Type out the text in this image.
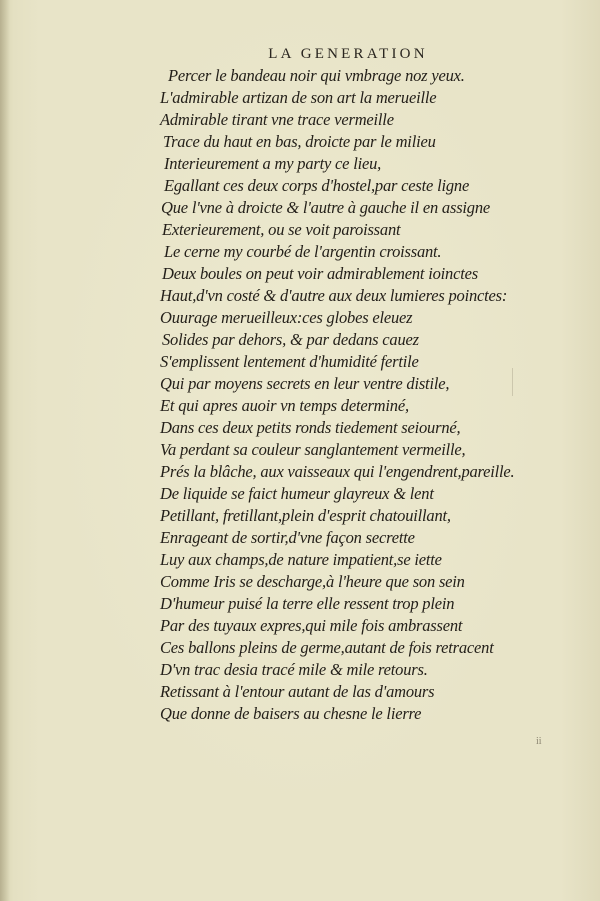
LA GENERATION
Percer le bandeau noir qui vmbrage noz yeux.
L'admirable artizan de son art la merueille
Admirable tirant vne trace vermeille
Trace du haut en bas, droicte par le milieu
Interieurement a my party ce lieu,
Egallant ces deux corps d'hostel,par ceste ligne
Que l'vne à droicte & l'autre à gauche il en assigne
Exterieurement, ou se voit paroissant
Le cerne my courbé de l'argentin croissant.
Deux boules on peut voir admirablement ioinctes
Haut,d'vn costé & d'autre aux deux lumieres poinctes:
Ouurage merueilleux:ces globes eleuez
Solides par dehors, & par dedans cauez
S'emplissent lentement d'humidité fertile
Qui par moyens secrets en leur ventre distile,
Et qui apres auoir vn temps determiné,
Dans ces deux petits ronds tiedement seiourné,
Va perdant sa couleur sanglantement vermeille,
Prés la blâche, aux vaisseaux qui l'engendrent,pareille.
De liquide se faict humeur glayreux & lent
Petillant, fretillant,plein d'esprit chatouillant,
Enrageant de sortir,d'vne façon secrette
Luy aux champs,de nature impatient,se iette
Comme Iris se descharge,à l'heure que son sein
D'humeur puisé la terre elle ressent trop plein
Par des tuyaux expres,qui mile fois ambrassent
Ces ballons pleins de germe,autant de fois retracent
D'vn trac desia tracé mile & mile retours.
Retissant à l'entour autant de las d'amours
Que donne de baisers au chesne le lierre
ii
